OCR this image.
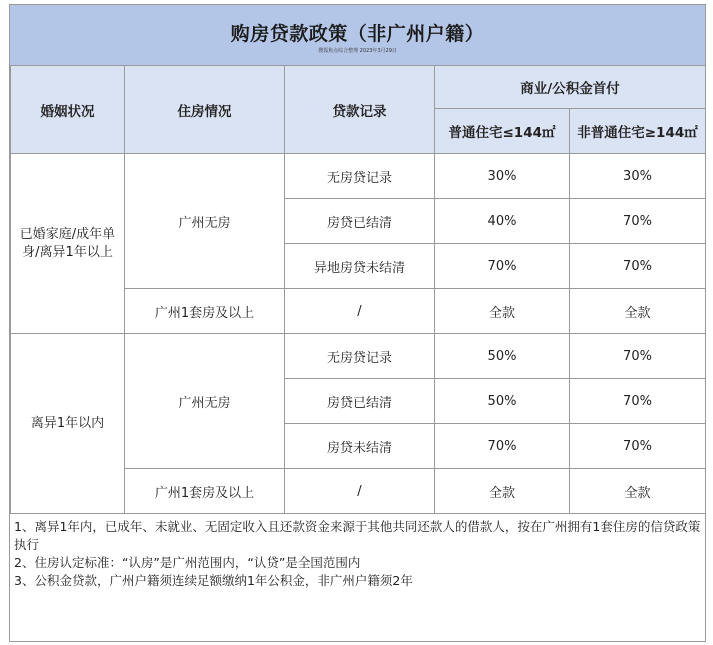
购房贷款政策（非广州户籍）
搜狐焦点综合整理 2023年3月29日
婚姻状况	住房情况	贷款记录	商业/公积金首付	
			普通住宅≤144㎡	非普通住宅≥144㎡
已婚家庭/成年单身/离异1年以上	广州无房	无房贷记录	30%	30%
		房贷已结清	40%	70%
		异地房贷未结清	70%	70%
	广州1套房及以上	/	全款	全款
离异1年以内	广州无房	无房贷记录	50%	70%
		房贷已结清	50%	70%
		房贷未结清	70%	70%
	广州1套房及以上	/	全款	全款

1、离异1年内，已成年、未就业、无固定收入且还款资金来源于其他共同还款人的借款人，按在广州拥有1套住房的信贷政策执行

2、住房认定标准：“认房”是广州范围内，“认贷”是全国范围内

3、公积金贷款，广州户籍须连续足额缴纳1年公积金，非广州户籍须2年
